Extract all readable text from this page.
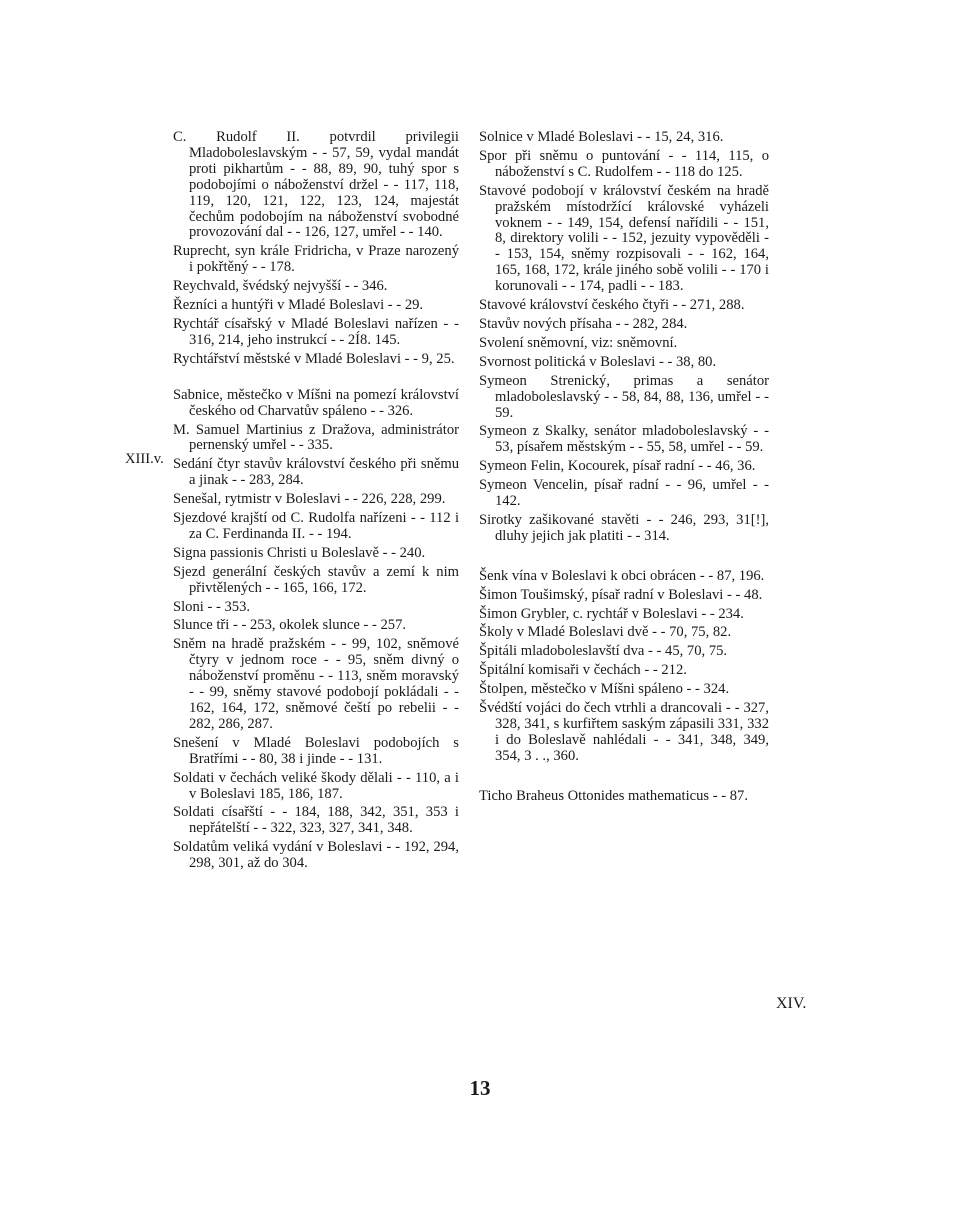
C. Rudolf II. potvrdil privilegii Mladoboleslavským - - 57, 59, vydal mandát proti pikhartům - - 88, 89, 90, tuhý spor s podobojími o náboženství držel - - 117, 118, 119, 120, 121, 122, 123, 124, majestát čechům podobojím na náboženství svobodné provozování dal - - 126, 127, umřel - - 140.

Ruprecht, syn krále Fridricha, v Praze narozený i pokřtěný - - 178.

Reychvald, švédský nejvyšší - - 346.

Řezníci a huntýři v Mladé Boleslavi - - 29.

Rychtář císařský v Mladé Boleslavi nařízen - - 316, 214, jeho instrukcí - - 2Í8. 145.

Rychtářství městské v Mladé Boleslavi - - 9, 25.

Sabnice, městečko v Míšni na pomezí království českého od Charvatův spáleno - - 326.

M. Samuel Martinius z Dražova, administrátor pernenský umřel - - 335.

Sedání čtyr stavův království českého při sněmu a jinak - - 283, 284.

Senešal, rytmistr v Boleslavi - - 226, 228, 299.

Sjezdové krajští od C. Rudolfa nařízeni - - 112 i za C. Ferdinanda II. - - 194.

Signa passionis Christi u Boleslavě - - 240.

Sjezd generální českých stavův a zemí k nim přivtělených - - 165, 166, 172.

Sloni - - 353.

Slunce tři - - 253, okolek slunce - - 257.

Sněm na hradě pražském - - 99, 102, sněmové čtyry v jednom roce - - 95, sněm divný o náboženství proměnu - - 113, sněm moravský - - 99, sněmy stavové podobojí pokládali - - 162, 164, 172, sněmové čeští po rebelii - - 282, 286, 287.

Snešení v Mladé Boleslavi podobojích s Bratřími - - 80, 38 i jinde - - 131.

Soldati v čechách veliké škody dělali - - 110, a i v Boleslavi 185, 186, 187.

Soldati císařští - - 184, 188, 342, 351, 353 i nepřátelští - - 322, 323, 327, 341, 348.

Soldatům veliká vydání v Boleslavi - - 192, 294, 298, 301, až do 304.

Solnice v Mladé Boleslavi - - 15, 24, 316.

Spor při sněmu o puntování - - 114, 115, o náboženství s C. Rudolfem - - 118 do 125.

Stavové podobojí v království českém na hradě pražském místodržící královské vyházeli voknem - - 149, 154, defensí nařídili - - 151, 8, direktory volili - - 152, jezuity vypověděli - - 153, 154, sněmy rozpisovali - - 162, 164, 165, 168, 172, krále jiného sobě volili - - 170 i korunovali - - 174, padli - - 183.

Stavové království českého čtyři - - 271, 288.

Stavův nových přísaha - - 282, 284.

Svolení sněmovní, viz: sněmovní.

Svornost politická v Boleslavi - - 38, 80.

Symeon Strenický, primas a senátor mladoboleslavský - - 58, 84, 88, 136, umřel - - 59.

Symeon z Skalky, senátor mladoboleslavský - - 53, písařem městským - - 55, 58, umřel - - 59.

Symeon Felin, Kocourek, písař radní - - 46, 36.

Symeon Vencelin, písař radní - - 96, umřel - - 142.

Sirotky zašikované stavěti - - 246, 293, 31[!], dluhy jejich jak platiti - - 314.

Šenk vína v Boleslavi k obci obrácen - - 87, 196.

Šimon Toušimský, písař radní v Boleslavi - - 48.

Šimon Grybler, c. rychtář v Boleslavi - - 234.

Školy v Mladé Boleslavi dvě - - 70, 75, 82.

Špitáli mladoboleslavští dva - - 45, 70, 75.

Špitální komisaři v čechách - - 212.

Štolpen, městečko v Míšni spáleno - - 324.

Švédští vojáci do čech vtrhli a drancovali - - 327, 328, 341, s kurfiřtem saským zápasili 331, 332 i do Boleslavě nahlédali - - 341, 348, 349, 354, 3 . ., 360.

Ticho Braheus Ottonides mathematicus - - 87.

XIII.v.
XIV.
13
